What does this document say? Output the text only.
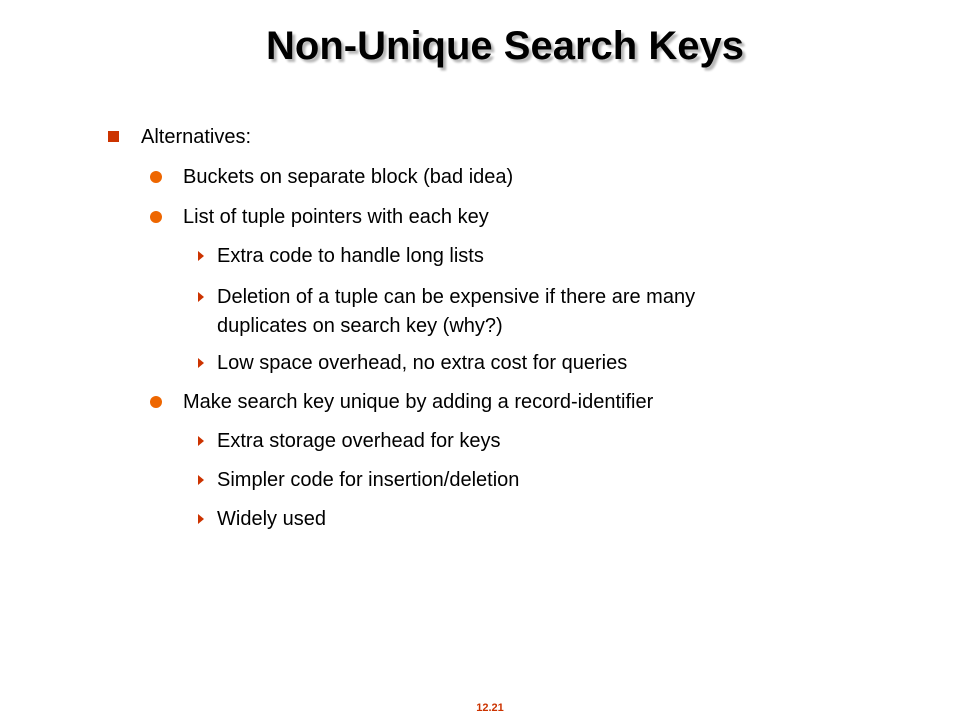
Non-Unique Search Keys
Alternatives:
Buckets on separate block (bad idea)
List of tuple pointers with each key
Extra code to handle long lists
Deletion of a tuple can be expensive if there are many
duplicates on search key (why?)
Low space overhead, no extra cost for queries
Make search key unique by adding a record-identifier
Extra storage overhead for keys
Simpler code for insertion/deletion
Widely used
12.21
